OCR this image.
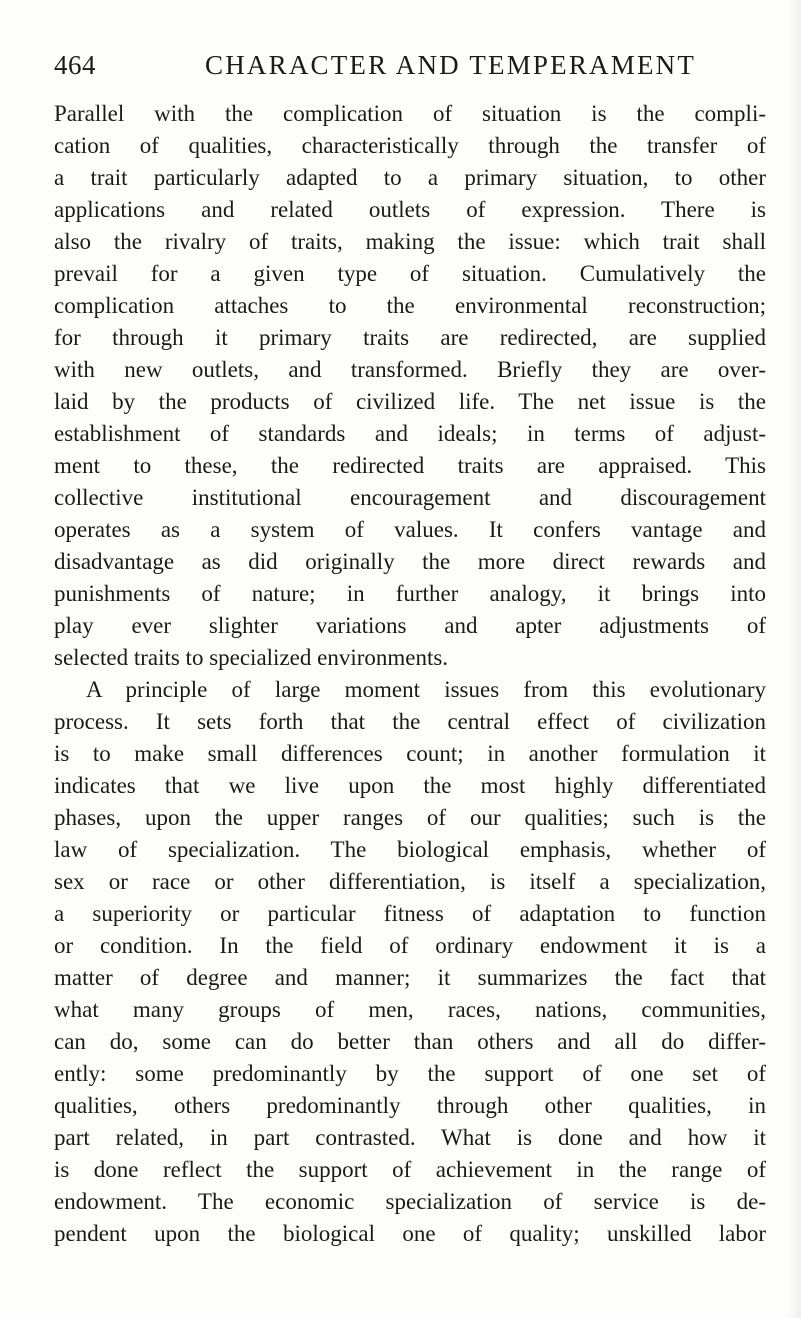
464	CHARACTER AND TEMPERAMENT
Parallel with the complication of situation is the compli-
cation of qualities, characteristically through the transfer of
a trait particularly adapted to a primary situation, to other
applications and related outlets of expression. There is
also the rivalry of traits, making the issue: which trait shall
prevail for a given type of situation. Cumulatively the
complication attaches to the environmental reconstruction;
for through it primary traits are redirected, are supplied
with new outlets, and transformed. Briefly they are over-
laid by the products of civilized life. The net issue is the
establishment of standards and ideals; in terms of adjust-
ment to these, the redirected traits are appraised. This
collective institutional encouragement and discouragement
operates as a system of values. It confers vantage and
disadvantage as did originally the more direct rewards and
punishments of nature; in further analogy, it brings into
play ever slighter variations and apter adjustments of
selected traits to specialized environments.
A principle of large moment issues from this evolutionary
process. It sets forth that the central effect of civilization
is to make small differences count; in another formulation it
indicates that we live upon the most highly differentiated
phases, upon the upper ranges of our qualities; such is the
law of specialization. The biological emphasis, whether of
sex or race or other differentiation, is itself a specialization,
a superiority or particular fitness of adaptation to function
or condition. In the field of ordinary endowment it is a
matter of degree and manner; it summarizes the fact that
what many groups of men, races, nations, communities,
can do, some can do better than others and all do differ-
ently: some predominantly by the support of one set of
qualities, others predominantly through other qualities, in
part related, in part contrasted. What is done and how it
is done reflect the support of achievement in the range of
endowment. The economic specialization of service is de-
pendent upon the biological one of quality; unskilled labor
